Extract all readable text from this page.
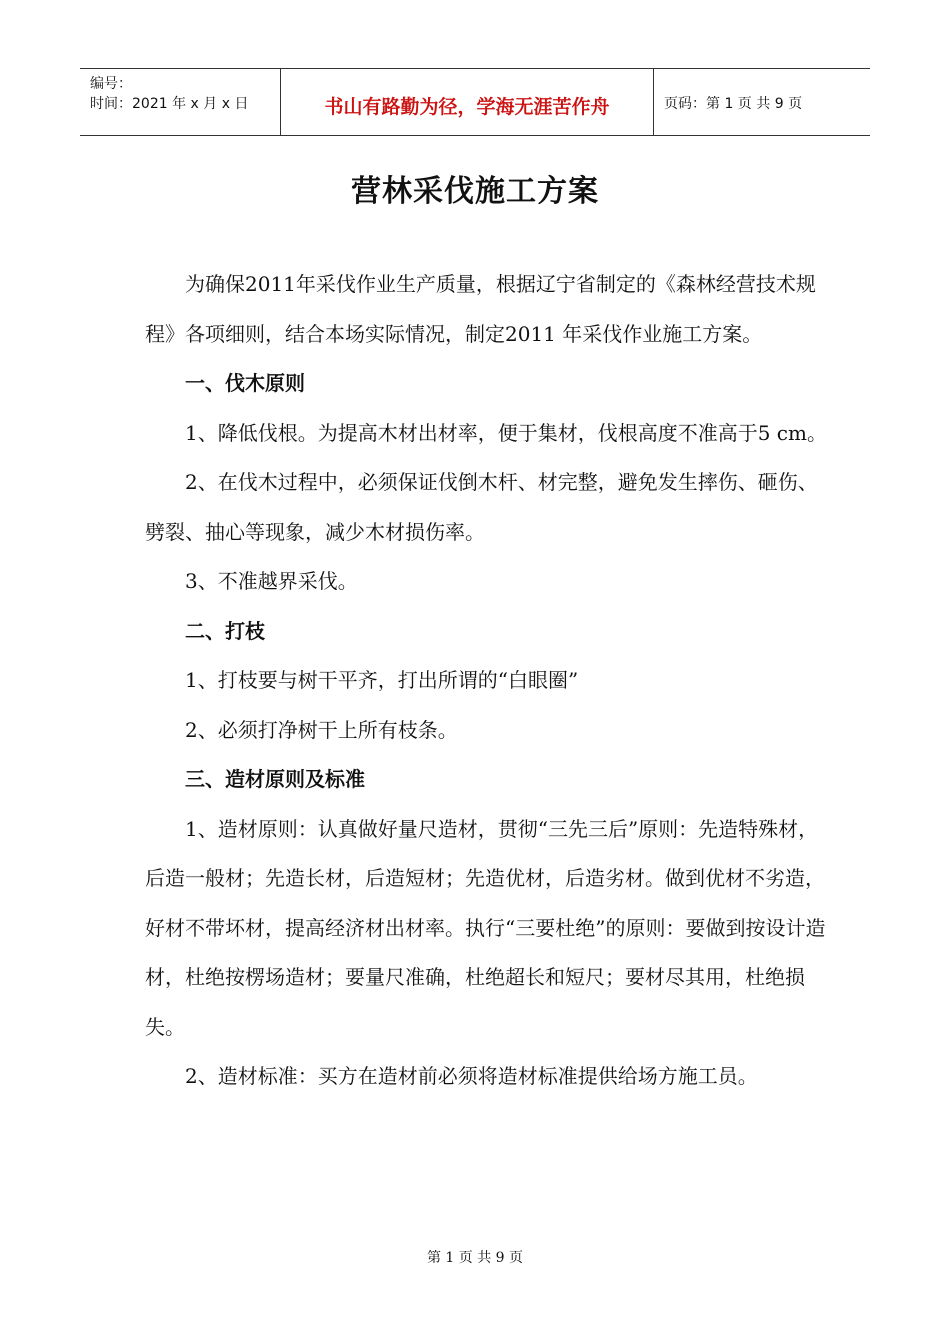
编号：
时间：2021 年 x 月 x 日	书山有路勤为径，学海无涯苦作舟	页码：第 1 页 共 9 页
营林采伐施工方案

为确保2011年采伐作业生产质量，根据辽宁省制定的《森林经营技术规程》各项细则，结合本场实际情况，制定2011 年采伐作业施工方案。

一、伐木原则

1、降低伐根。为提高木材出材率，便于集材，伐根高度不准高于5 cm。

2、在伐木过程中，必须保证伐倒木杆、材完整，避免发生摔伤、砸伤、劈裂、抽心等现象，减少木材损伤率。

3、不准越界采伐。

二、打枝

1、打枝要与树干平齐，打出所谓的“白眼圈”

2、必须打净树干上所有枝条。

三、造材原则及标准

1、造材原则：认真做好量尺造材，贯彻“三先三后”原则：先造特殊材，后造一般材；先造长材，后造短材；先造优材，后造劣材。做到优材不劣造，好材不带坏材，提高经济材出材率。执行“三要杜绝”的原则：要做到按设计造材，杜绝按楞场造材；要量尺准确，杜绝超长和短尺；要材尽其用，杜绝损失。

2、造材标准：买方在造材前必须将造材标准提供给场方施工员。

第 1 页 共 9 页
